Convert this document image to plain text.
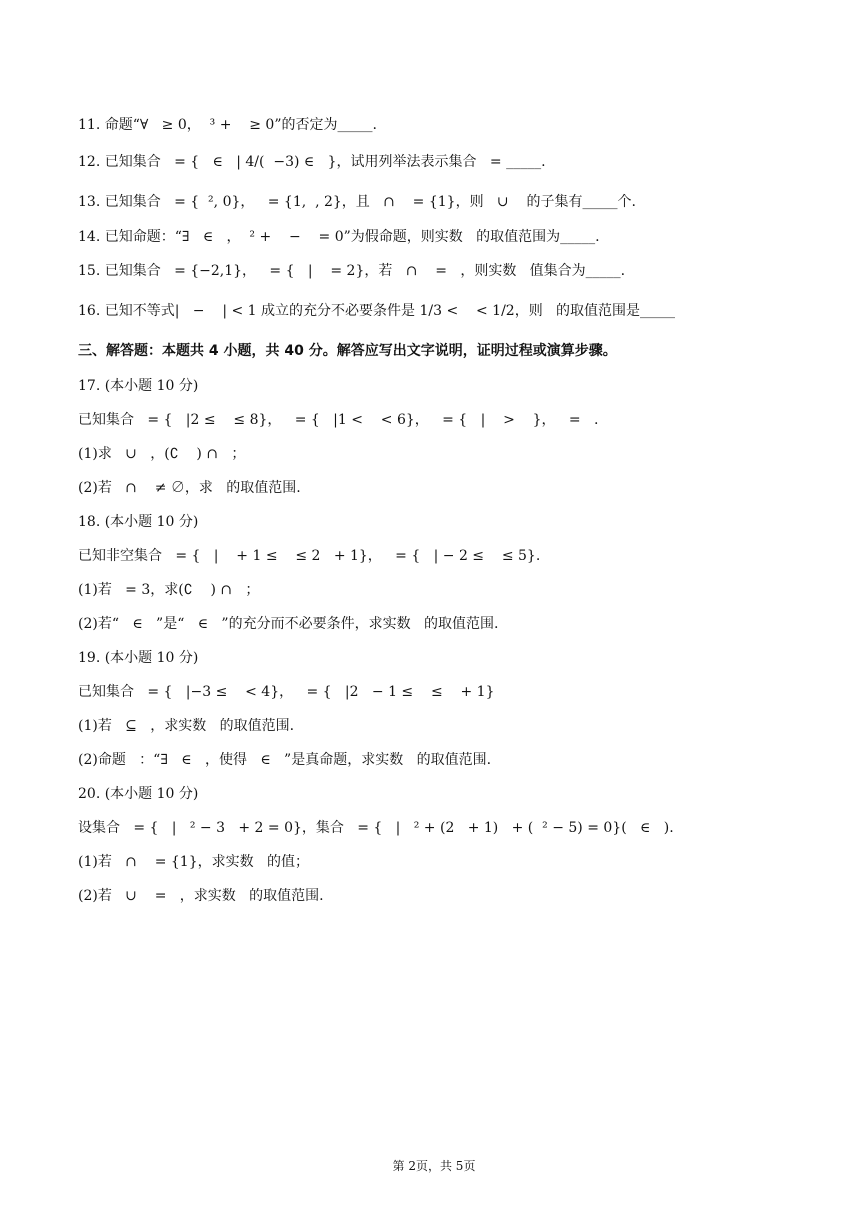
11. 命题“∀   ≥ 0，  ³ +    ≥ 0”的否定为_____.
12. 已知集合   = {   ∈   | 4/(  −3) ∈   }，试用列举法表示集合   = _____.
13. 已知集合   = {  ², 0}，   = {1,  , 2}，且   ∩    = {1}，则   ∪    的子集有_____个.
14. 已知命题：“∃   ∈   ，  ² +    −    = 0”为假命题，则实数   的取值范围为_____.
15. 已知集合   = {−2,1}，   = {   |    = 2}，若   ∩    =   ，则实数   值集合为_____.
16. 已知不等式|   −    | < 1 成立的充分不必要条件是 1/3 <    < 1/2，则   的取值范围是_____
三、解答题：本题共 4 小题，共 40 分。解答应写出文字说明，证明过程或演算步骤。
17. (本小题 10 分)
已知集合   = {   |2 ≤    ≤ 8}，   = {   |1 <    < 6}，   = {   |    >    }，   =   .
(1)求   ∪   ，(∁    ) ∩   ；
(2)若   ∩    ≠ ∅，求   的取值范围.
18. (本小题 10 分)
已知非空集合   = {   |    + 1 ≤    ≤ 2   + 1}，   = {   | − 2 ≤    ≤ 5}.
(1)若   = 3，求(∁    ) ∩   ；
(2)若“   ∈   ”是“   ∈   ”的充分而不必要条件，求实数   的取值范围.
19. (本小题 10 分)
已知集合   = {   |−3 ≤    < 4}，   = {   |2   − 1 ≤    ≤    + 1}
(1)若   ⊆   ，求实数   的取值范围.
(2)命题   ：“∃   ∈   ，使得   ∈   ”是真命题，求实数   的取值范围.
20. (本小题 10 分)
设集合   = {   |   ² − 3   + 2 = 0}，集合   = {   |   ² + (2   + 1)   + (  ² − 5) = 0}(   ∈   ).
(1)若   ∩    = {1}，求实数   的值；
(2)若   ∪    =   ，求实数   的取值范围.
第 2页，共 5页
